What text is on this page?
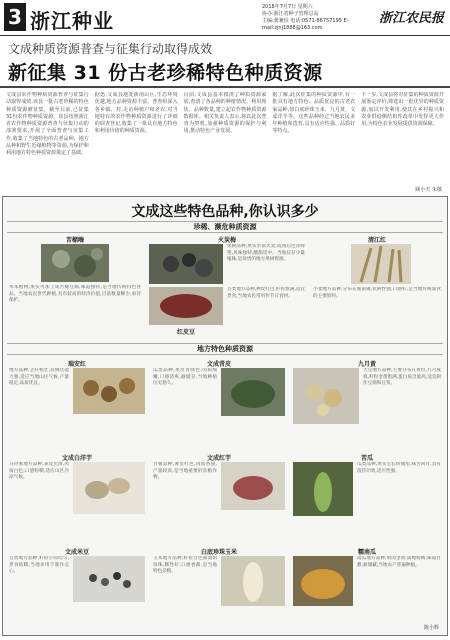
3 浙江种业
2018年7月7日 星期六
协办:浙江省种子管理总站
主编:龚兼俭 电话:0571-86757195 E-mail:zjnj1888@163.com
浙江农民报
文成种质资源普查与征集行动取得成效
新征集 31 份古老珍稀特色种质资源
文成县农作物种质资源普查与征集行动取得成效,该县一批古老珍稀的特色种质资源被征集。截至目前,已征集31份农作物种质资源。该县按照浙江省农作物种质资源普查与征集行动的部署要求,开展了全面普查与征集工作,收集了当地特色的古老品种、地方品种和野生近缘植物等资源,为保护和利用地方特色种质资源奠定了基础。
据悉,文成县地处浙南山区,生态环境优越,地方品种资源丰富。普查组深入各乡镇、村,走访种植户和老农,对当地特有的农作物种质资源进行了详细的调查登记,收集了一批具有地方特色和利用价值的种质资源。
目前,文成县基本摸清了种质资源家底,查清了各品种的种植情况、利用现状、品种数量,建立起农作物种质资源数据库。相关负责人表示,将以此次普查为契机,加强种质资源的保护与利用,推动特色产业发展。
据了解,此次征集的种质资源中,有一批具有地方特色、品质优良的古老农家品种,如白底珍珠玉米、九月黄、文成洋芋等。这些品种经过当地农民多年种植和选育,具有适应性强、品质好等特点。
下一步,文成县将对征集的种质资源开展鉴定评价,筛选出一批优异的种质资源,加以开发利用,使其在乡村振兴和农业供给侧结构性改革中发挥更大作用,为特色农业发展提供资源保障。
顾小天 朱敬
文成这些特色品种,你认识多少
珍稀、濒危种质资源
苦槠嗨
木本植物,果实可加工成苦槠豆腐,味道独特,是当地传统特色食品。当地农民世代种植,具有较高的经济价值,目前数量稀少,亟待保护。
火炭梅
果树品种,果实形似火炭,成熟后色泽鲜艳,风味独特,酸甜适中。当地仅存少量植株,是珍贵的地方果树资源。
豆类地方品种,种皮红色,籽粒饱满,适宜煮食,当地农民常用作节日食材。
红皮豆
清江红
小麦地方品种,分布在瓯南镇,抗病性强,口感好,是当地传统面食的主要原料。
地方特色种质资源
瑞安红
地方品种,茎秆粗壮,抗倒伏能力强,适应当地山区气候,产量稳定,品质优良。
文成青皮
瓜类品种,果皮青绿色,肉质细嫩,口感清爽,耐储存,当地种植历史悠久。
九月黄
大豆地方品种,主要分布在黄坦,九月成熟,籽粒金黄饱满,蛋白质含量高,适宜制作豆腐和豆浆。
文成白洋芋
马铃薯地方品种,表皮光滑,肉质白色,口感粉糯,适应山区冷凉气候。
文成红芋
甘薯品种,薯皮红色,肉质香甜,产量较高,是当地重要的杂粮作物。
苦瓜
瓜类品种,果实呈长纺锤形,味苦回甘,具有清热功效,适应性强。
文成米豆
豆类地方品种,籽粒小而均匀,煮食软糯,当地多用于制作点心。
白底珍珠玉米
玉米地方品种,籽粒白色圆润如珍珠,糯性好,口感香甜,是当地特色杂粮。
糯南瓜
南瓜地方品种,果肉金黄,质地粉糯,味道甘甜,耐储藏,当地农户普遍种植。
陈小辉
